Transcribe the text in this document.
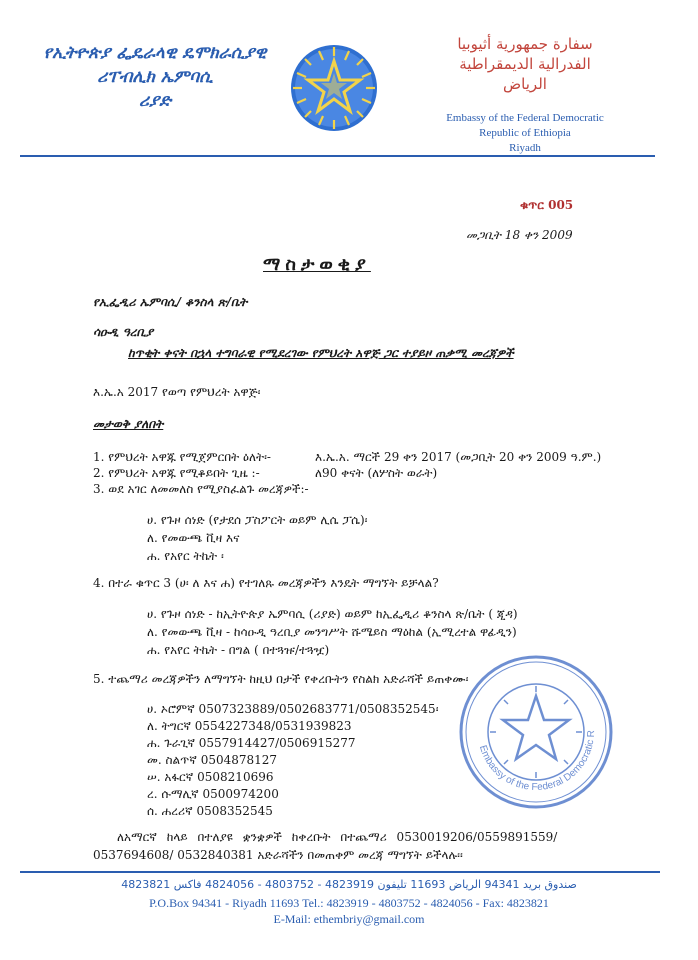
የኢትዮጵያ ፌዴራላዊ ዴሞክራሲያዊ
ሪፐብሊክ ኤምባሲ
ሪያድ
سفارة جمهورية أثيوبيا
الفدرالية الديمقراطية
الرياض
Embassy of the Federal Democratic
Republic of Ethiopia
Riyadh
ቁጥር 005
መጋቢት 18 ቀን 2009
ማስታወቂያ
የኢፌዲሪ ኤምባሲ/ ቆንስላ ጽ/ቤት
ሳዑዲ ዓረቢያ
ከጥቂት ቀናት በኋላ ተግባራዊ የሚደረገው የምህረት አዋጅ ጋር ተያይዞ ጠቃሚ መረጃዎች
እ.ኤ.አ 2017 የወጣ የምህረት አዋጅ፡
መታወቅ ያለበት
1. የምህረት አዋጁ የሚጀምርበት ዕለት፡-	እ.ኤ.አ. ማርች 29 ቀን 2017 (መጋቢት 20 ቀን 2009 ዓ.ም.)
2. የምህረት አዋጁ የሚቆይበት ጊዜ :-	ለ90 ቀናት (ለሦስት ወራት)
3. ወደ አገር ለመመለስ የሚያስፈልጉ መረጃዎች:-
ሀ. የጉዞ ሰነድ (የታደሰ ፓስፖርት ወይም ሊሴ ፓሴ)፡
ለ. የመውጫ ቪዛ እና
ሐ. የአየር ትኬት ፡
4. በተራ ቁጥር 3 (ሀ፡ ለ እና ሐ) የተገለጹ መረጃዎችን እንዴት ማግኘት ይቻላል?
ሀ. የጉዞ ሰነድ - ከኢትዮጵያ ኤምባሲ (ሪያድ) ወይም ከኢፌዲሪ ቆንስላ ጽ/ቤት ( ጂዳ)
ለ. የመውጫ ቪዛ - ከሳዑዲ ዓረቢያ መንግሥት ሹሜይስ ማዕከል (ኢሚረተል ዋፊዲን)
ሐ. የአየር ትኬት - በግል ( በተጓዡ/ተጓዧ)
5. ተጨማሪ መረጃዎችን ለማግኘት ከዚህ በታች የቀረቡትን የስልክ አድራሻች ይጠቀሙ፡
ሀ. ኦሮምኛ 0507323889/0502683771/0508352545፡
ለ. ትግርኛ 0554227348/0531939823
ሐ. ጉራጊኛ 0557914427/0506915277
መ. ስልጥኛ 0504878127
ሠ. አፋርኛ 0508210696
ረ. ሱማሊኛ 0500974200
ሰ. ሐረሪኛ 0508352545
Embassy of the Federal Democratic R
ለአማርኛ ከላይ በተለያዩ ቋንቋዎች ከቀረቡት በተጨማሪ 0530019206/0559891559/
0537694608/ 0532840381 አድራሻችን በመጠቀም መረጃ ማግኘት ይችላሉ፡፡
صندوق بريد 94341 الرياض 11693 تليفون 4823919 - 4803752 - 4824056 فاكس 4823821
P.O.Box 94341 - Riyadh 11693 Tel.: 4823919 - 4803752 - 4824056 - Fax: 4823821
E-Mail: ethembriy@gmail.com
